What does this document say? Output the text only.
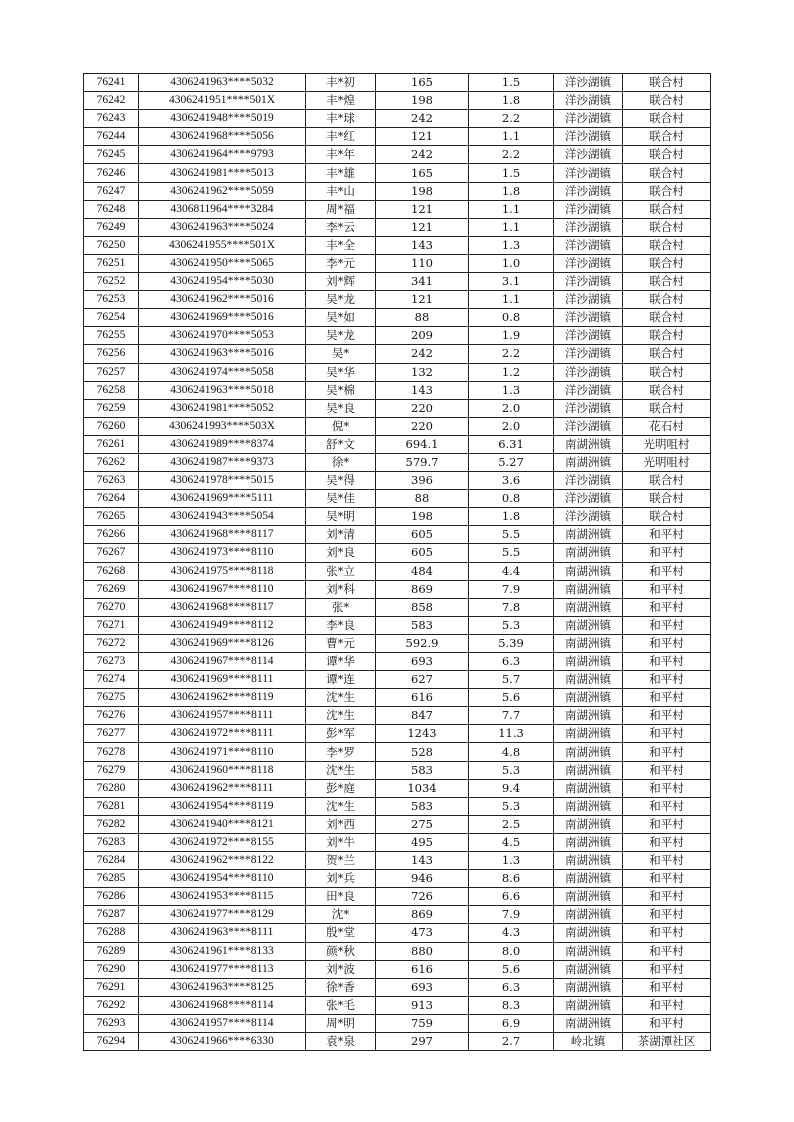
76241	4306241963****5032	丰*初	165	1.5	洋沙湖镇	联合村
76242	4306241951****501X	丰*煌	198	1.8	洋沙湖镇	联合村
76243	4306241948****5019	丰*球	242	2.2	洋沙湖镇	联合村
76244	4306241968****5056	丰*红	121	1.1	洋沙湖镇	联合村
76245	4306241964****9793	丰*年	242	2.2	洋沙湖镇	联合村
76246	4306241981****5013	丰*雄	165	1.5	洋沙湖镇	联合村
76247	4306241962****5059	丰*山	198	1.8	洋沙湖镇	联合村
76248	4306811964****3284	周*福	121	1.1	洋沙湖镇	联合村
76249	4306241963****5024	李*云	121	1.1	洋沙湖镇	联合村
76250	4306241955****501X	丰*全	143	1.3	洋沙湖镇	联合村
76251	4306241950****5065	李*元	110	1.0	洋沙湖镇	联合村
76252	4306241954****5030	刘*辉	341	3.1	洋沙湖镇	联合村
76253	4306241962****5016	吴*龙	121	1.1	洋沙湖镇	联合村
76254	4306241969****5016	吴*如	88	0.8	洋沙湖镇	联合村
76255	4306241970****5053	吴*龙	209	1.9	洋沙湖镇	联合村
76256	4306241963****5016	吴*	242	2.2	洋沙湖镇	联合村
76257	4306241974****5058	吴*华	132	1.2	洋沙湖镇	联合村
76258	4306241963****5018	吴*棉	143	1.3	洋沙湖镇	联合村
76259	4306241981****5052	吴*良	220	2.0	洋沙湖镇	联合村
76260	4306241993****503X	倪*	220	2.0	洋沙湖镇	花石村
76261	4306241989****8374	舒*文	694.1	6.31	南湖洲镇	光明咀村
76262	4306241987****9373	徐*	579.7	5.27	南湖洲镇	光明咀村
76263	4306241978****5015	吴*得	396	3.6	洋沙湖镇	联合村
76264	4306241969****5111	吴*佳	88	0.8	洋沙湖镇	联合村
76265	4306241943****5054	吴*明	198	1.8	洋沙湖镇	联合村
76266	4306241968****8117	刘*清	605	5.5	南湖洲镇	和平村
76267	4306241973****8110	刘*良	605	5.5	南湖洲镇	和平村
76268	4306241975****8118	张*立	484	4.4	南湖洲镇	和平村
76269	4306241967****8110	刘*科	869	7.9	南湖洲镇	和平村
76270	4306241968****8117	张*	858	7.8	南湖洲镇	和平村
76271	4306241949****8112	李*良	583	5.3	南湖洲镇	和平村
76272	4306241969****8126	曹*元	592.9	5.39	南湖洲镇	和平村
76273	4306241967****8114	谭*华	693	6.3	南湖洲镇	和平村
76274	4306241969****8111	谭*连	627	5.7	南湖洲镇	和平村
76275	4306241962****8119	沈*生	616	5.6	南湖洲镇	和平村
76276	4306241957****8111	沈*生	847	7.7	南湖洲镇	和平村
76277	4306241972****8111	彭*军	1243	11.3	南湖洲镇	和平村
76278	4306241971****8110	李*罗	528	4.8	南湖洲镇	和平村
76279	4306241960****8118	沈*生	583	5.3	南湖洲镇	和平村
76280	4306241962****8111	彭*庭	1034	9.4	南湖洲镇	和平村
76281	4306241954****8119	沈*生	583	5.3	南湖洲镇	和平村
76282	4306241940****8121	刘*西	275	2.5	南湖洲镇	和平村
76283	4306241972****8155	刘*牛	495	4.5	南湖洲镇	和平村
76284	4306241962****8122	贺*兰	143	1.3	南湖洲镇	和平村
76285	4306241954****8110	刘*兵	946	8.6	南湖洲镇	和平村
76286	4306241953****8115	田*良	726	6.6	南湖洲镇	和平村
76287	4306241977****8129	沈*	869	7.9	南湖洲镇	和平村
76288	4306241963****8111	殷*堂	473	4.3	南湖洲镇	和平村
76289	4306241961****8133	颜*秋	880	8.0	南湖洲镇	和平村
76290	4306241977****8113	刘*波	616	5.6	南湖洲镇	和平村
76291	4306241963****8125	徐*香	693	6.3	南湖洲镇	和平村
76292	4306241968****8114	张*毛	913	8.3	南湖洲镇	和平村
76293	4306241957****8114	周*明	759	6.9	南湖洲镇	和平村
76294	4306241966****6330	袁*泉	297	2.7	岭北镇	茶湖潭社区
